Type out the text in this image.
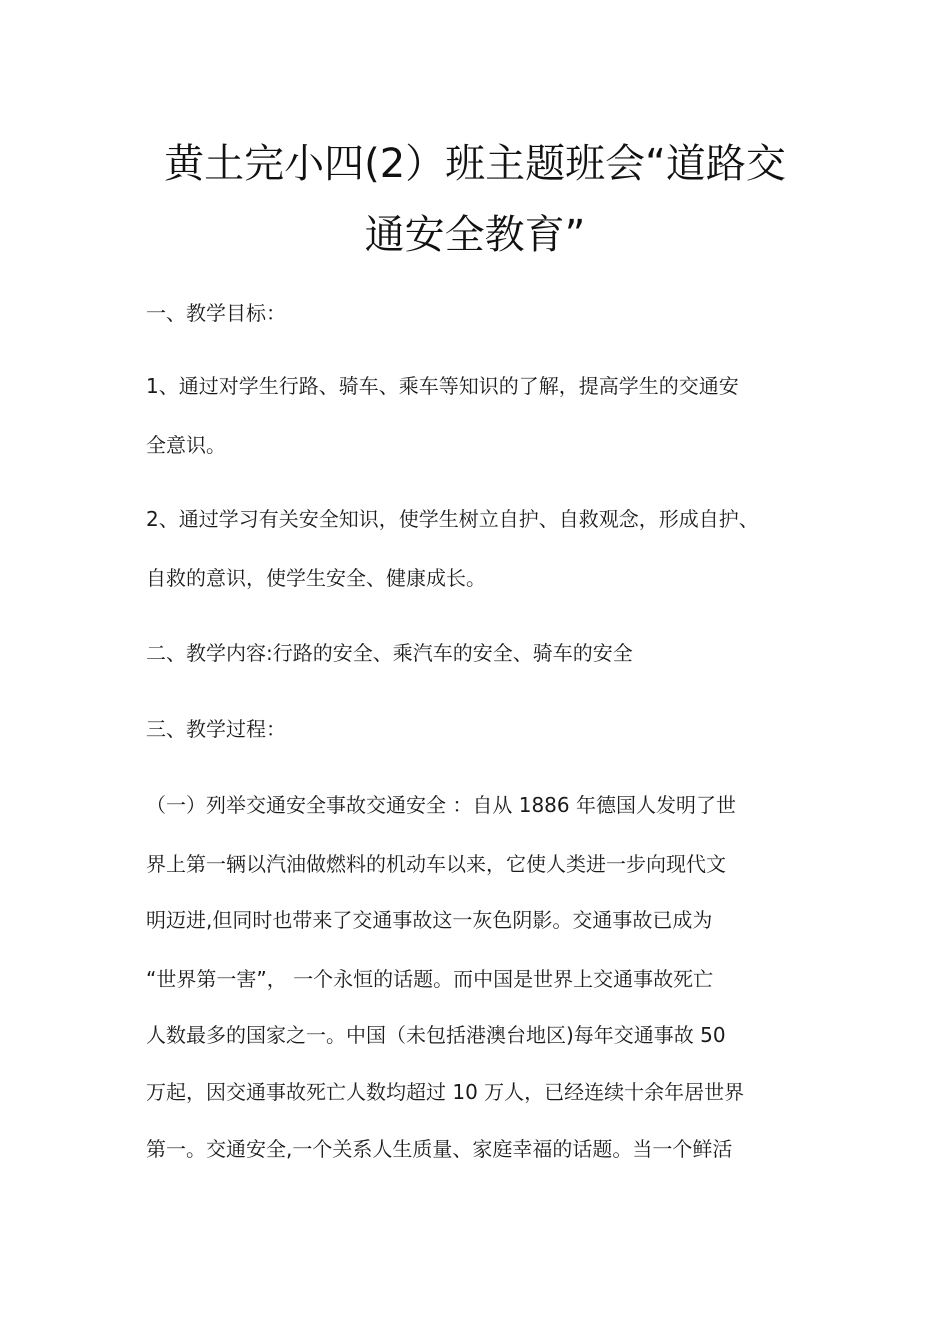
黄土完小四(2）班主题班会“道路交
通安全教育”
一、教学目标：
1、通过对学生行路、骑车、乘车等知识的了解，提高学生的交通安
全意识。
2、通过学习有关安全知识，使学生树立自护、自救观念，形成自护、
自救的意识，使学生安全、健康成长。
二、教学内容:行路的安全、乘汽车的安全、骑车的安全
三、教学过程：
（一）列举交通安全事故交通安全 ：自从 1886 年德国人发明了世
界上第一辆以汽油做燃料的机动车以来，它使人类进一步向现代文
明迈进,但同时也带来了交通事故这一灰色阴影。交通事故已成为
“世界第一害”， 一个永恒的话题。而中国是世界上交通事故死亡
人数最多的国家之一。中国（未包括港澳台地区)每年交通事故 50
万起，因交通事故死亡人数均超过 10 万人，已经连续十余年居世界
第一。交通安全,一个关系人生质量、家庭幸福的话题。当一个鲜活
